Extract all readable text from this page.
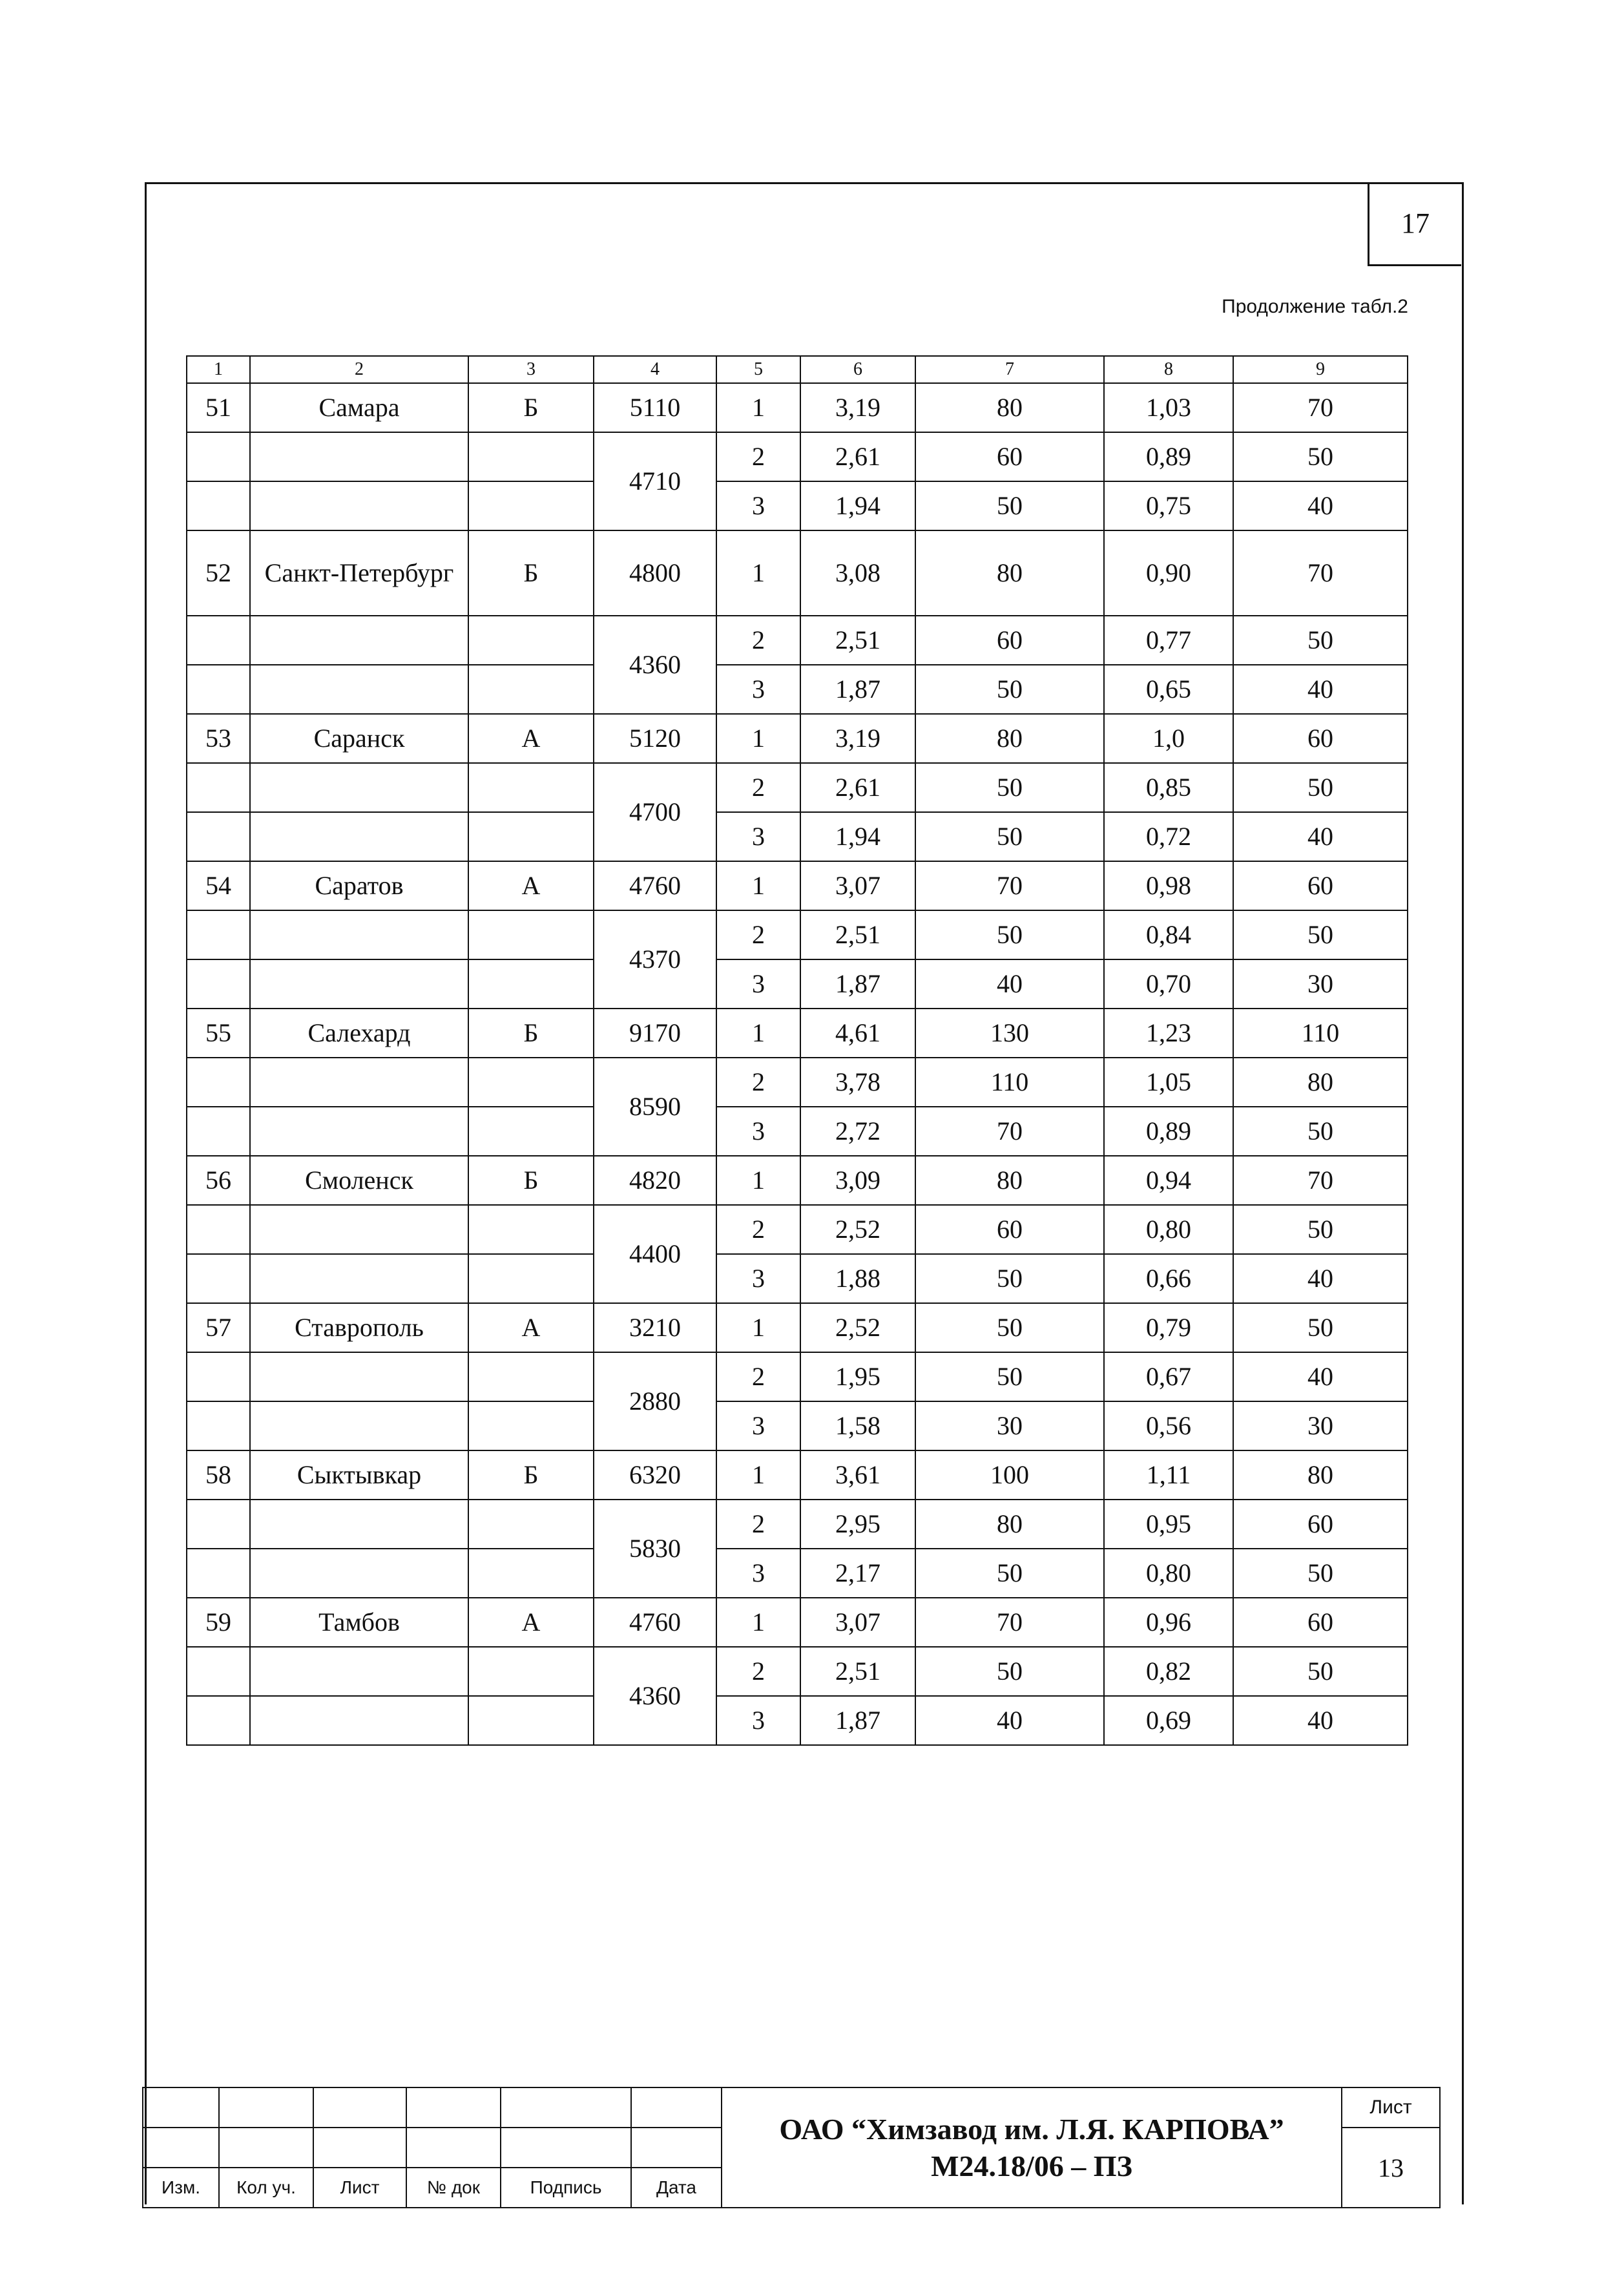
17
Продолжение табл.2
1	2	3	4	5	6	7	8	9
51	Самара	Б	5110	1	3,19	80	1,03	70
			4710	2	2,61	60	0,89	50
				3	1,94	50	0,75	40
52	Санкт-Петербург	Б	4800	1	3,08	80	0,90	70
			4360	2	2,51	60	0,77	50
				3	1,87	50	0,65	40
53	Саранск	А	5120	1	3,19	80	1,0	60
			4700	2	2,61	50	0,85	50
				3	1,94	50	0,72	40
54	Саратов	А	4760	1	3,07	70	0,98	60
			4370	2	2,51	50	0,84	50
				3	1,87	40	0,70	30
55	Салехард	Б	9170	1	4,61	130	1,23	110
			8590	2	3,78	110	1,05	80
				3	2,72	70	0,89	50
56	Смоленск	Б	4820	1	3,09	80	0,94	70
			4400	2	2,52	60	0,80	50
				3	1,88	50	0,66	40
57	Ставрополь	А	3210	1	2,52	50	0,79	50
			2880	2	1,95	50	0,67	40
				3	1,58	30	0,56	30
58	Сыктывкар	Б	6320	1	3,61	100	1,11	80
			5830	2	2,95	80	0,95	60
				3	2,17	50	0,80	50
59	Тамбов	А	4760	1	3,07	70	0,96	60
			4360	2	2,51	50	0,82	50
				3	1,87	40	0,69	40

						ОАО “Химзавод им. Л.Я. КАРПОВА”
М24.18/06 – ПЗ	Лист
							13
Изм.	Кол уч.	Лист	№ док	Подпись	Дата		
